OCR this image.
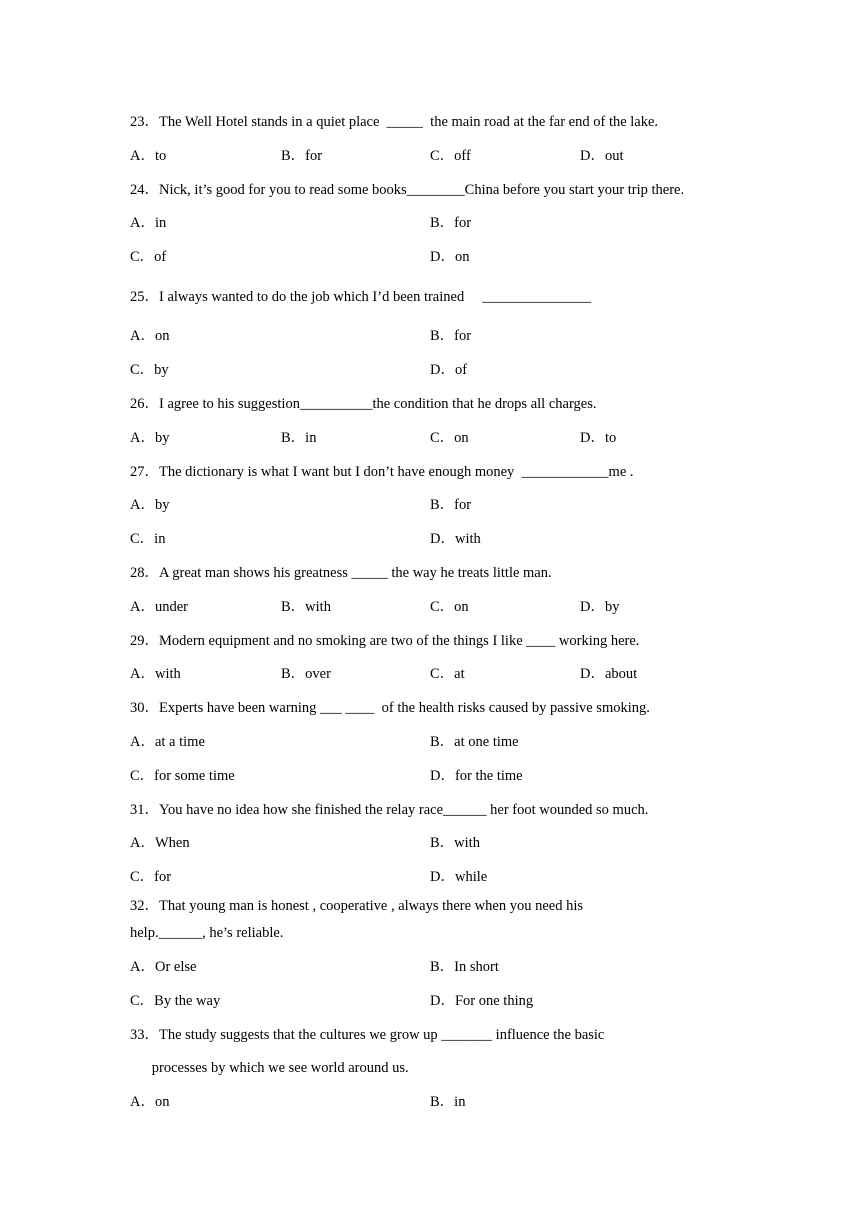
23．The Well Hotel stands in a quiet place  _____  the main road at the far end of the lake.
A．to	B．for	C．off	D．out
24．Nick, it’s good for you to read some books________China before you start your trip there.
A．in	B．for
C．of	D．on
25．I always wanted to do the job which I’d been trained     _______________
A．on	B．for
C．by	D．of
26．I agree to his suggestion__________the condition that he drops all charges.
A．by	B．in	C．on	D．to
27．The dictionary is what I want but I don’t have enough money  ____________me .
A．by	B．for
C．in	D．with
28．A great man shows his greatness _____ the way he treats little man.
A．under	B．with	C．on	D．by
29．Modern equipment and no smoking are two of the things I like ____ working here.
A．with	B．over	C．at	D．about
30．Experts have been warning ___ ____  of the health risks caused by passive smoking.
A．at a time	B．at one time
C．for some time	D．for the time
31．You have no idea how she finished the relay race______ her foot wounded so much.
A．When	B．with
C．for	D．while
32．That young man is honest , cooperative , always there when you need his
help.______, he’s reliable.
A．Or else	B．In short
C．By the way	D．For one thing
33．The study suggests that the cultures we grow up _______ influence the basic
processes by which we see world around us.
A．on	B．in
